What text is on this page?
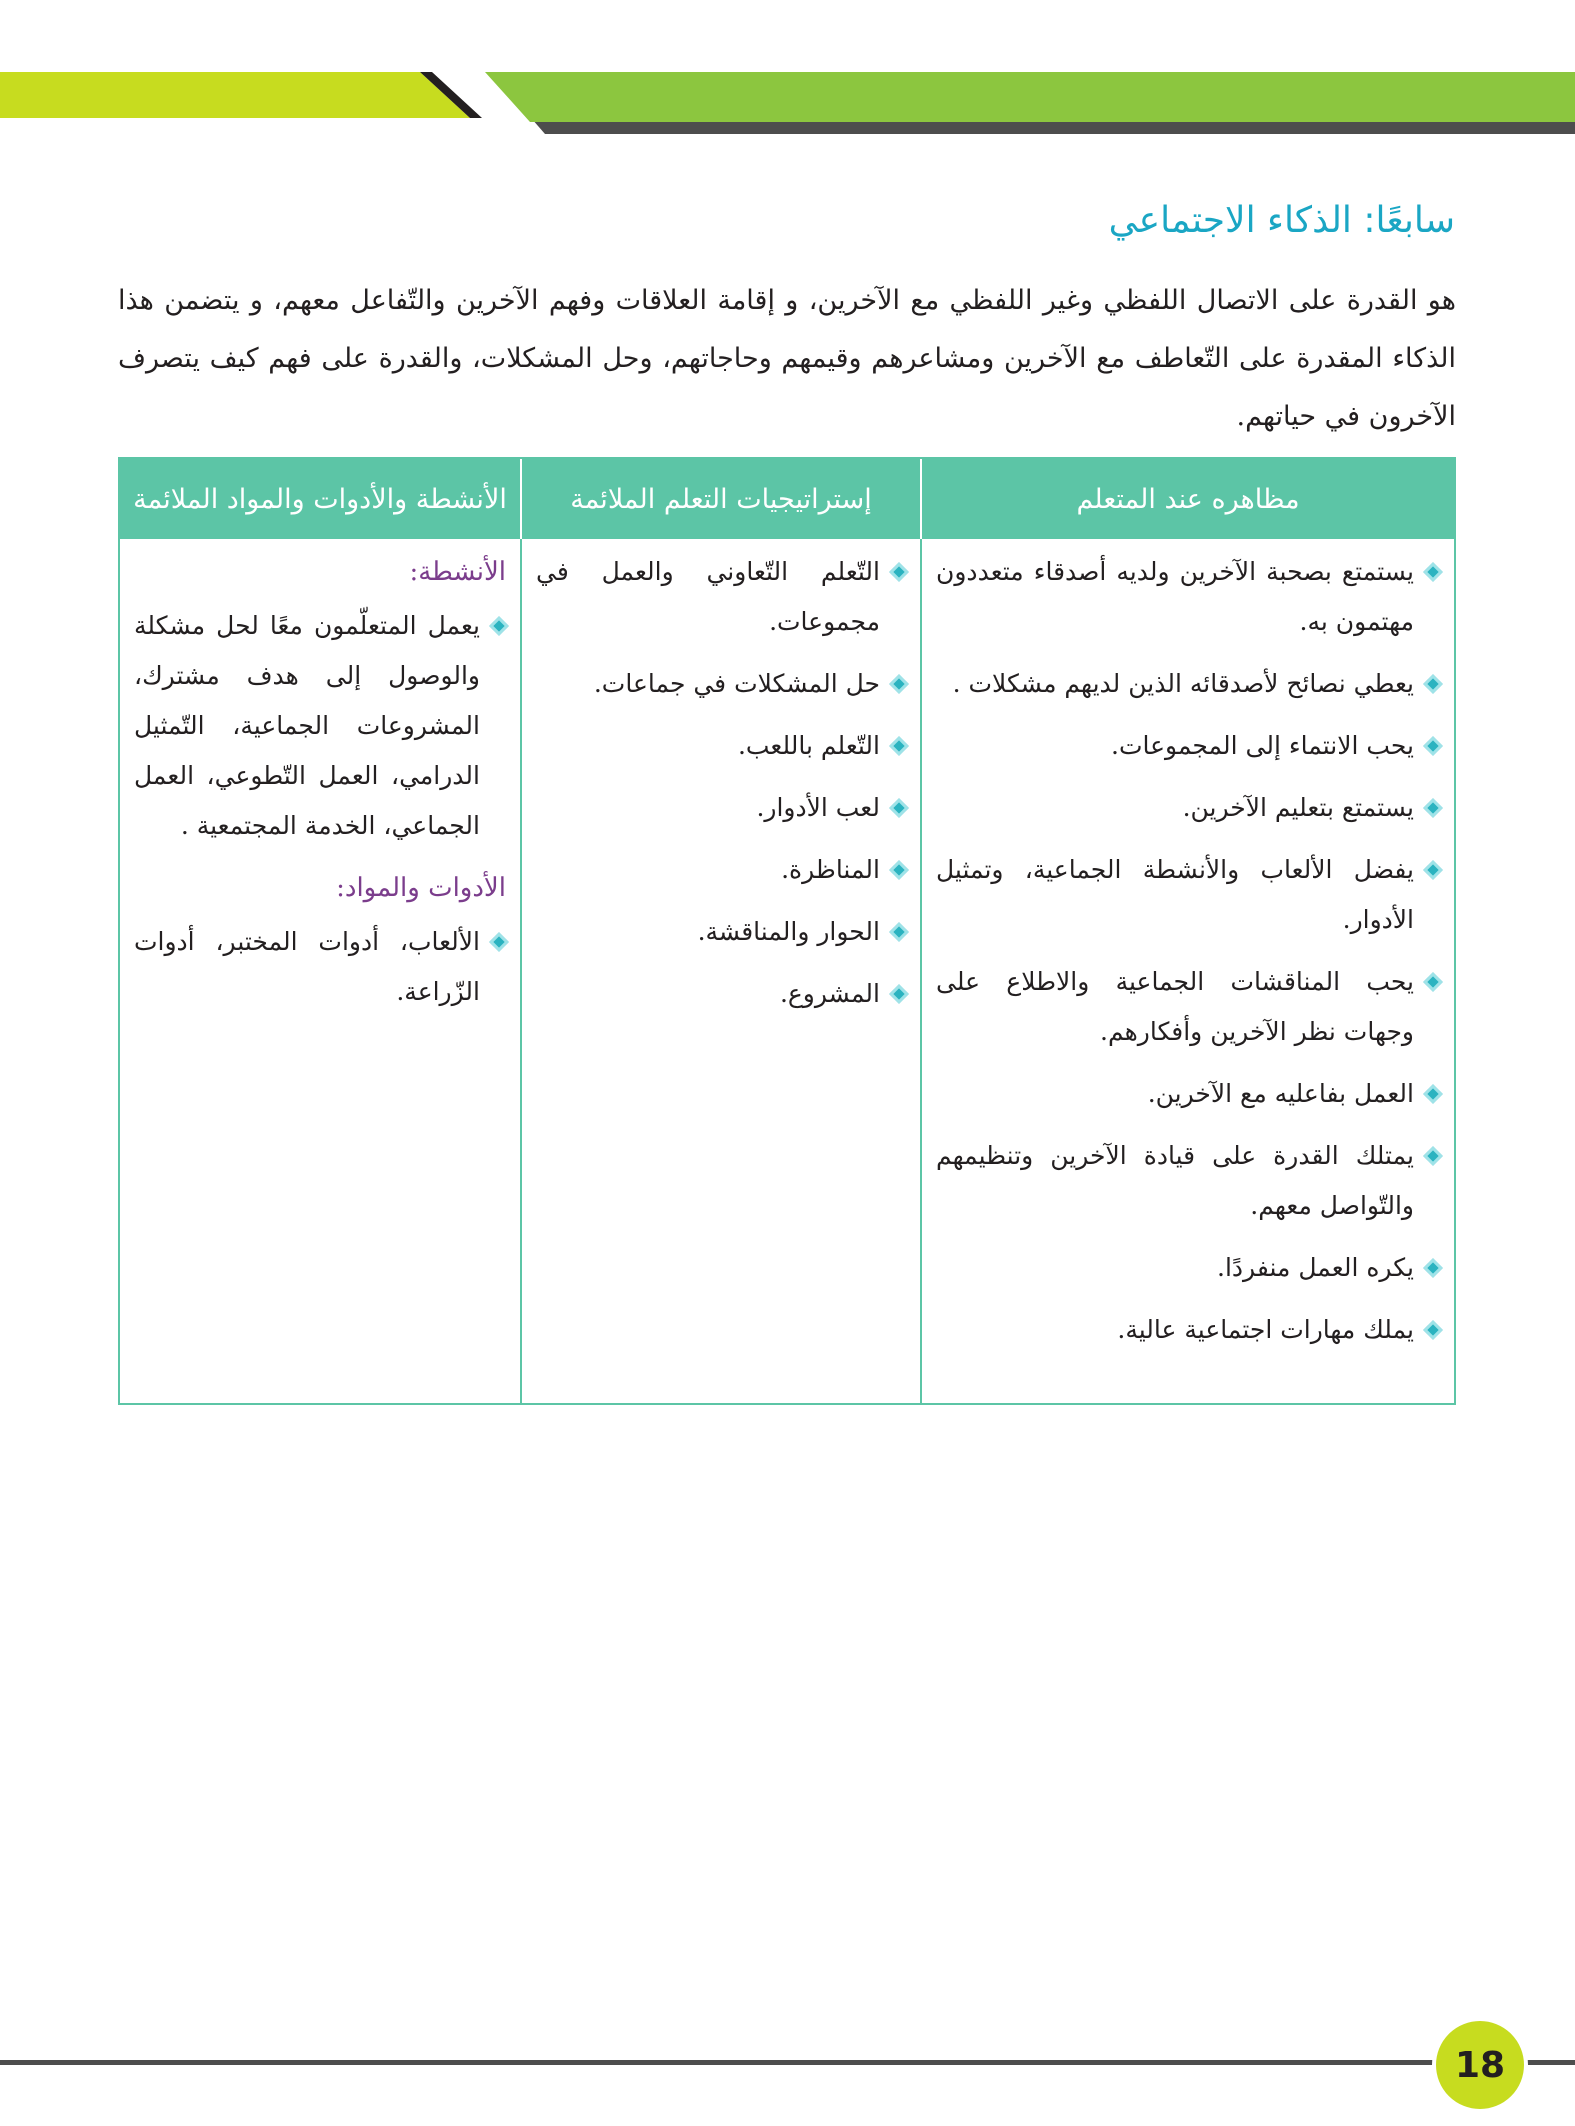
سابعًا: الذكاء الاجتماعي

هو القدرة على الاتصال اللفظي وغير اللفظي مع الآخرين، و إقامة العلاقات وفهم الآخرين والتّفاعل معهم، و يتضمن هذا الذكاء المقدرة على التّعاطف مع الآخرين ومشاعرهم وقيمهم وحاجاتهم، وحل المشكلات، والقدرة على فهم كيف يتصرف الآخرون في حياتهم.

مظاهره عند المتعلم
إستراتيجيات التعلم الملائمة
الأنشطة والأدوات والمواد الملائمة
يستمتع بصحبة الآخرين ولديه أصدقاء متعددون مهتمون به.
يعطي نصائح لأصدقائه الذين لديهم مشكلات .
يحب الانتماء إلى المجموعات.
يستمتع بتعليم الآخرين.
يفضل الألعاب والأنشطة الجماعية، وتمثيل الأدوار.
يحب المناقشات الجماعية والاطلاع على وجهات نظر الآخرين وأفكارهم.
العمل بفاعليه مع الآخرين.
يمتلك القدرة على قيادة الآخرين وتنظيمهم والتّواصل معهم.
يكره العمل منفردًا.
يملك مهارات اجتماعية عالية.
التّعلم التّعاوني والعمل في مجموعات.
حل المشكلات في جماعات.
التّعلم باللعب.
لعب الأدوار.
المناظرة.
الحوار والمناقشة.
المشروع.
الأنشطة:
يعمل المتعلّمون معًا لحل مشكلة والوصول إلى هدف مشترك، المشروعات الجماعية، التّمثيل الدرامي، العمل التّطوعي، العمل الجماعي، الخدمة المجتمعية .
الأدوات والمواد:
الألعاب، أدوات المختبر، أدوات الزّراعة.
18
